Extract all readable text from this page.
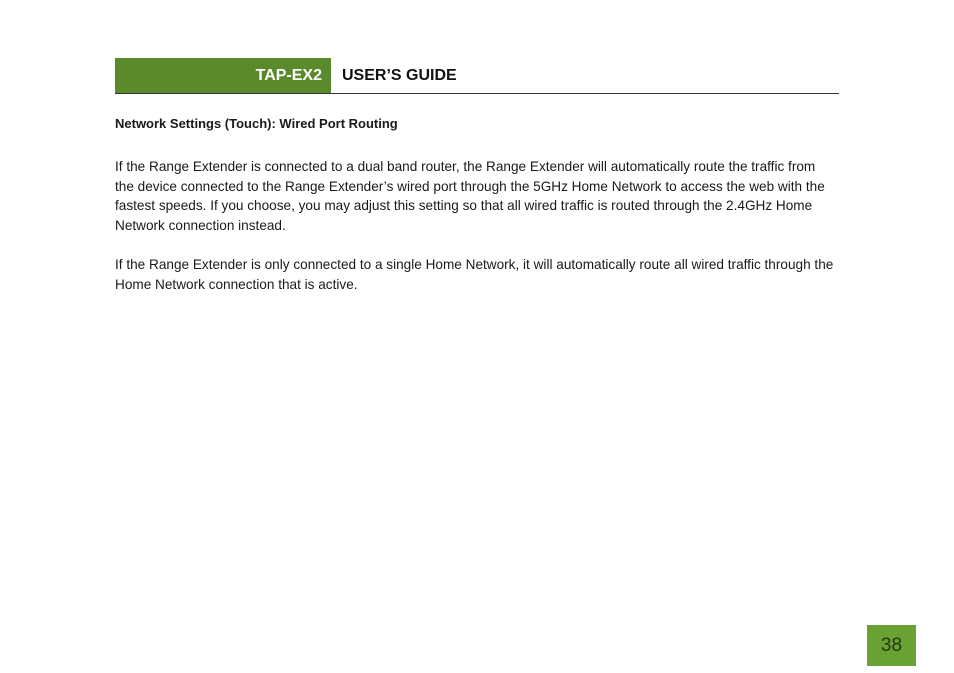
TAP-EX2	USER’S GUIDE
Network Settings (Touch): Wired Port Routing

If the Range Extender is connected to a dual band router, the Range Extender will automatically route the traffic from the device connected to the Range Extender’s wired port through the 5GHz Home Network to access the web with the fastest speeds. If you choose, you may adjust this setting so that all wired traffic is routed through the 2.4GHz Home Network connection instead.

If the Range Extender is only connected to a single Home Network, it will automatically route all wired traffic through the Home Network connection that is active.

38
